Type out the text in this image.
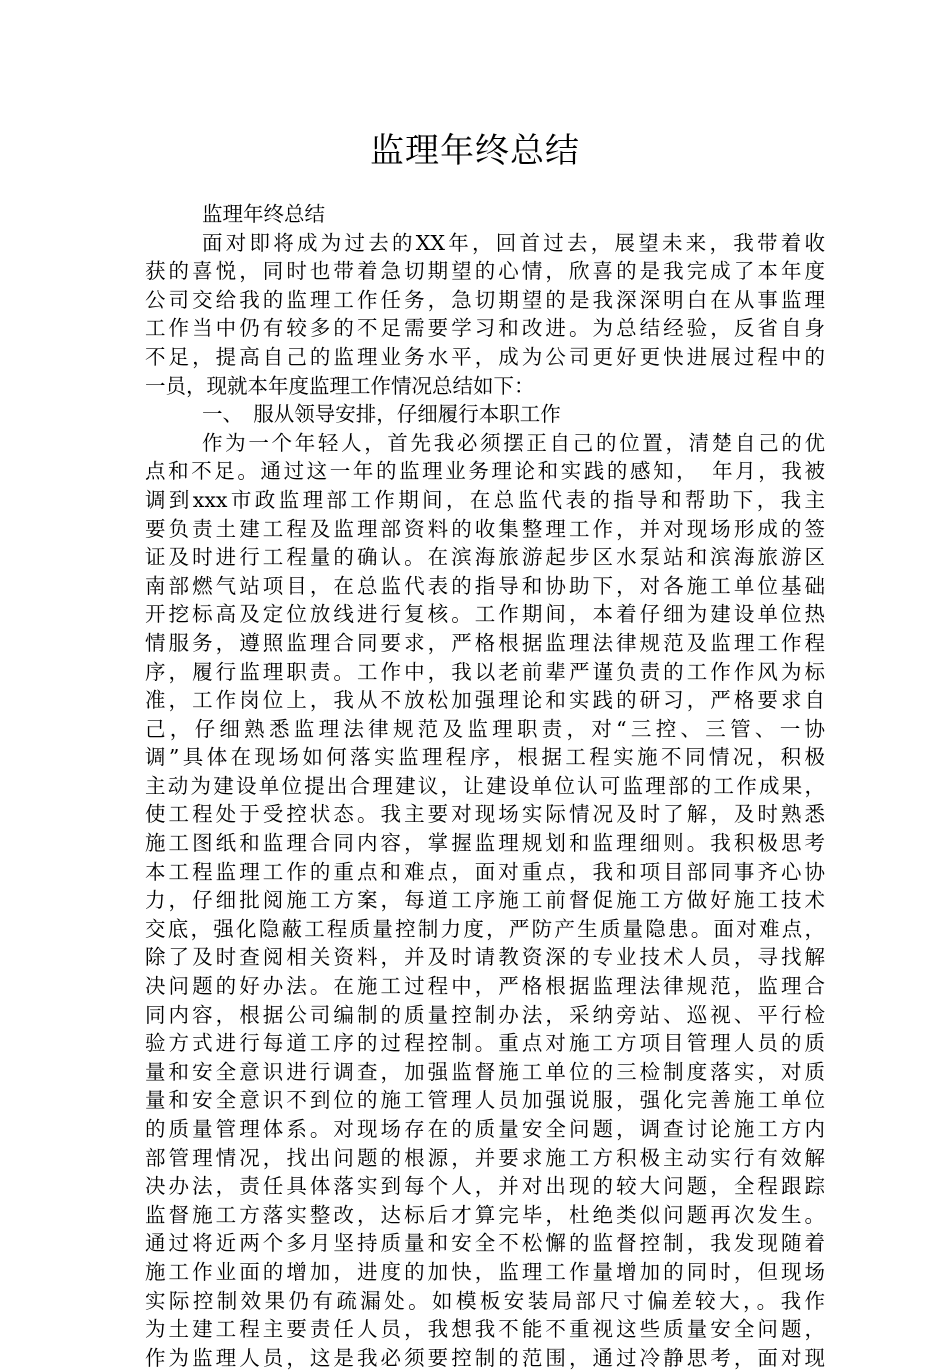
监理年终总结
监理年终总结
面对即将成为过去的XX年，回首过去，展望未来，我带着收
获的喜悦，同时也带着急切期望的心情，欣喜的是我完成了本年度
公司交给我的监理工作任务，急切期望的是我深深明白在从事监理
工作当中仍有较多的不足需要学习和改进。为总结经验，反省自身
不足，提高自己的监理业务水平，成为公司更好更快进展过程中的
一员，现就本年度监理工作情况总结如下：
一、　服从领导安排，仔细履行本职工作
作为一个年轻人，首先我必须摆正自己的位置，清楚自己的优
点和不足。通过这一年的监理业务理论和实践的感知，　年月，我被
调到xxx市政监理部工作期间，在总监代表的指导和帮助下，我主
要负责土建工程及监理部资料的收集整理工作，并对现场形成的签
证及时进行工程量的确认。在滨海旅游起步区水泵站和滨海旅游区
南部燃气站项目，在总监代表的指导和协助下，对各施工单位基础
开挖标高及定位放线进行复核。工作期间，本着仔细为建设单位热
情服务，遵照监理合同要求，严格根据监理法律规范及监理工作程
序，履行监理职责。工作中，我以老前辈严谨负责的工作作风为标
准，工作岗位上，我从不放松加强理论和实践的研习，严格要求自
己，仔细熟悉监理法律规范及监理职责，对“三控、三管、一协
调”具体在现场如何落实监理程序，根据工程实施不同情况，积极
主动为建设单位提出合理建议，让建设单位认可监理部的工作成果，
使工程处于受控状态。我主要对现场实际情况及时了解，及时熟悉
施工图纸和监理合同内容，掌握监理规划和监理细则。我积极思考
本工程监理工作的重点和难点，面对重点，我和项目部同事齐心协
力，仔细批阅施工方案，每道工序施工前督促施工方做好施工技术
交底，强化隐蔽工程质量控制力度，严防产生质量隐患。面对难点，
除了及时查阅相关资料，并及时请教资深的专业技术人员，寻找解
决问题的好办法。在施工过程中，严格根据监理法律规范，监理合
同内容，根据公司编制的质量控制办法，采纳旁站、巡视、平行检
验方式进行每道工序的过程控制。重点对施工方项目管理人员的质
量和安全意识进行调查，加强监督施工单位的三检制度落实，对质
量和安全意识不到位的施工管理人员加强说服，强化完善施工单位
的质量管理体系。对现场存在的质量安全问题，调查讨论施工方内
部管理情况，找出问题的根源，并要求施工方积极主动实行有效解
决办法，责任具体落实到每个人，并对出现的较大问题，全程跟踪
监督施工方落实整改，达标后才算完毕，杜绝类似问题再次发生。
通过将近两个多月坚持质量和安全不松懈的监督控制，我发现随着
施工作业面的增加，进度的加快，监理工作量增加的同时，但现场
实际控制效果仍有疏漏处。如模板安装局部尺寸偏差较大，。我作
为土建工程主要责任人员，我想我不能不重视这些质量安全问题，
作为监理人员，这是我必须要控制的范围，通过冷静思考，面对现
